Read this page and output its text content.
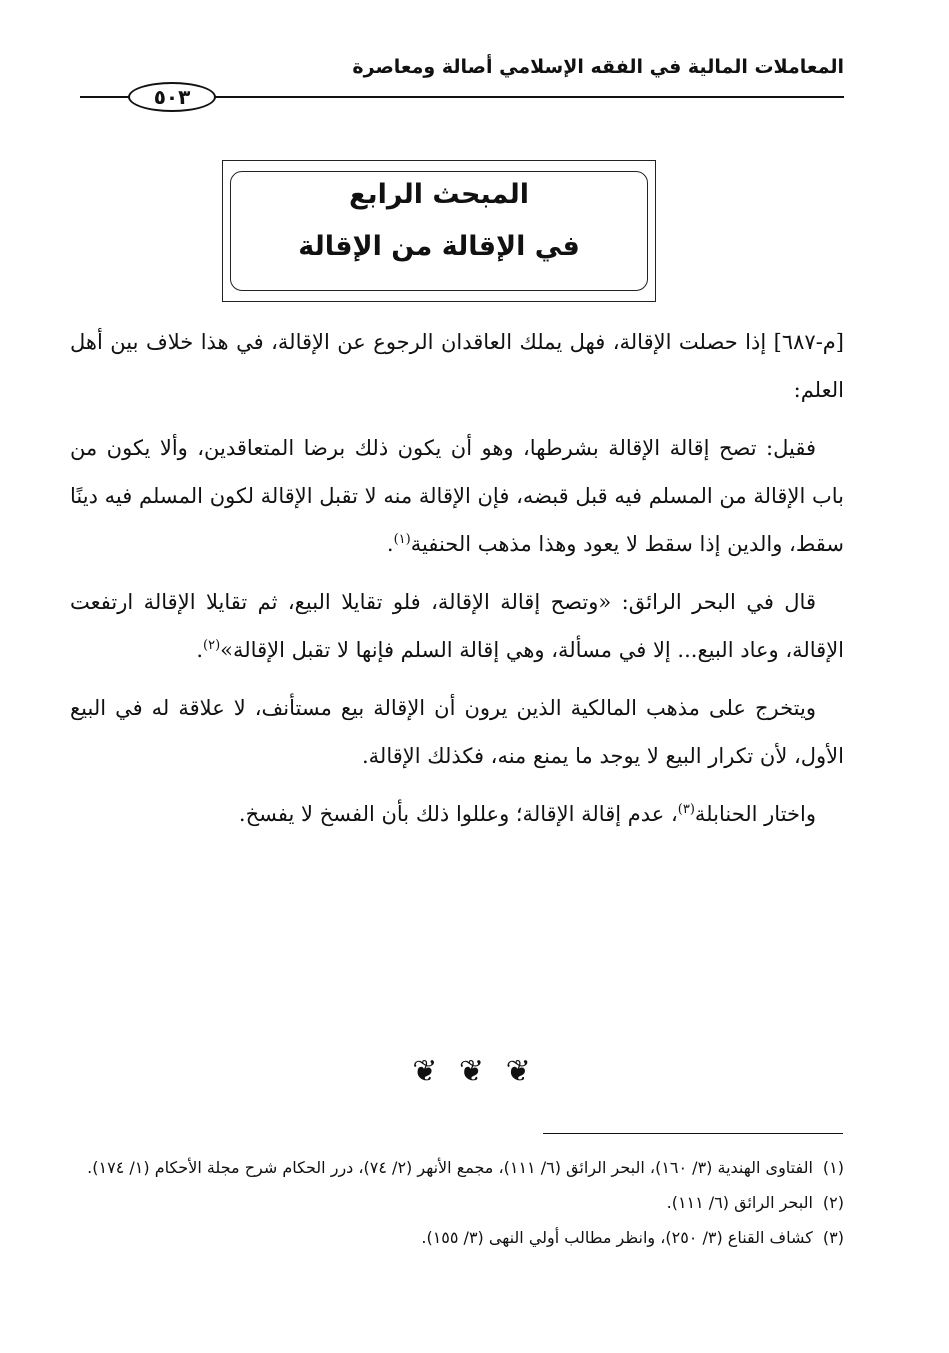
المعاملات المالية في الفقه الإسلامي أصالة ومعاصرة
٥٠٣
المبحث الرابع
في الإقالة من الإقالة

[م-٦٨٧] إذا حصلت الإقالة، فهل يملك العاقدان الرجوع عن الإقالة، في هذا خلاف بين أهل العلم:

فقيل: تصح إقالة الإقالة بشرطها، وهو أن يكون ذلك برضا المتعاقدين، وألا يكون من باب الإقالة من المسلم فيه قبل قبضه، فإن الإقالة منه لا تقبل الإقالة لكون المسلم فيه دينًا سقط، والدين إذا سقط لا يعود وهذا مذهب الحنفية$^{(١)}$.

قال في البحر الرائق: «وتصح إقالة الإقالة، فلو تقايلا البيع، ثم تقايلا الإقالة ارتفعت الإقالة، وعاد البيع... إلا في مسألة، وهي إقالة السلم فإنها لا تقبل الإقالة»$^{(٢)}$.

ويتخرج على مذهب المالكية الذين يرون أن الإقالة بيع مستأنف، لا علاقة له في البيع الأول، لأن تكرار البيع لا يوجد ما يمنع منه، فكذلك الإقالة.

واختار الحنابلة$^{(٣)}$، عدم إقالة الإقالة؛ وعللوا ذلك بأن الفسخ لا يفسخ.

❦ ❦ ❦
(١)
الفتاوى الهندية (٣/ ١٦٠)، البحر الرائق (٦/ ١١١)، مجمع الأنهر (٢/ ٧٤)، درر الحكام شرح مجلة الأحكام (١/ ١٧٤).
(٢)
البحر الرائق (٦/ ١١١).
(٣)
كشاف القناع (٣/ ٢٥٠)، وانظر مطالب أولي النهى (٣/ ١٥٥).
